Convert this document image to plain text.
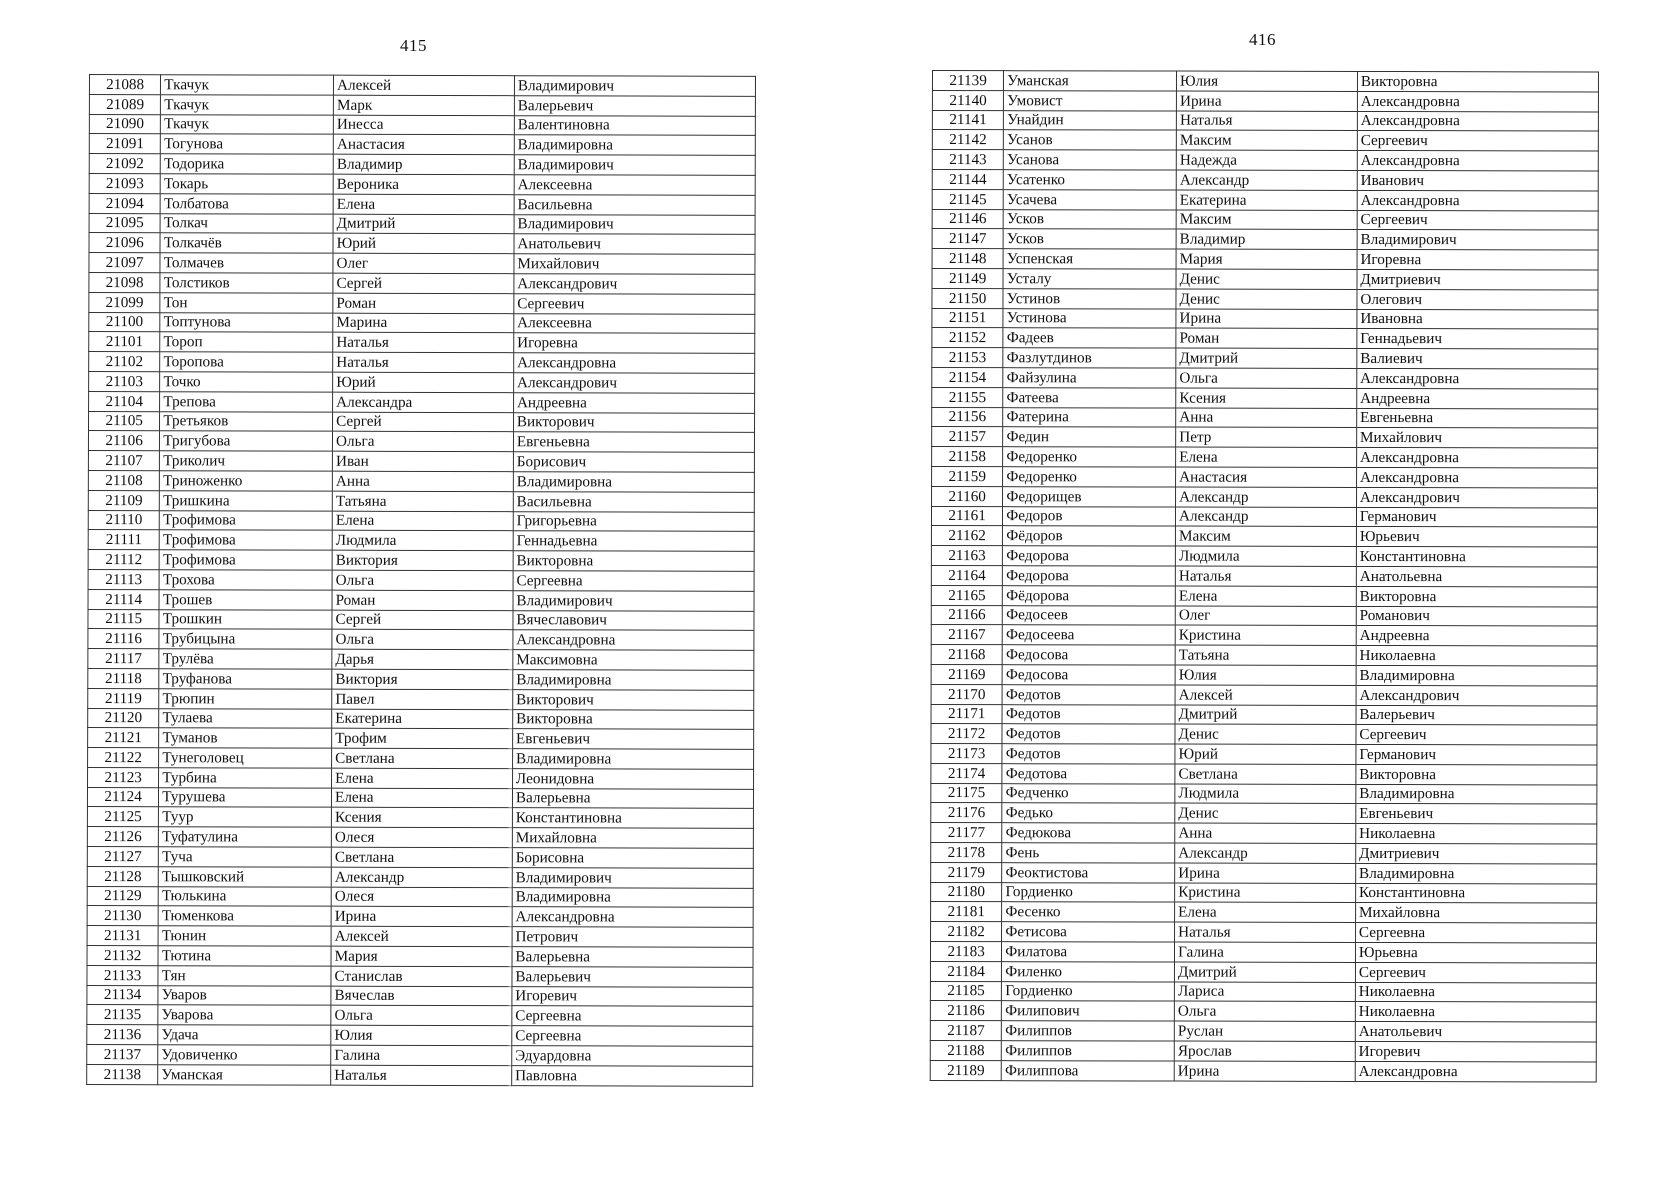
415
21088	Ткачук	Алексей	Владимирович
21089	Ткачук	Марк	Валерьевич
21090	Ткачук	Инесса	Валентиновна
21091	Тогунова	Анастасия	Владимировна
21092	Тодорика	Владимир	Владимирович
21093	Токарь	Вероника	Алексеевна
21094	Толбатова	Елена	Васильевна
21095	Толкач	Дмитрий	Владимирович
21096	Толкачёв	Юрий	Анатольевич
21097	Толмачев	Олег	Михайлович
21098	Толстиков	Сергей	Александрович
21099	Тон	Роман	Сергеевич
21100	Топтунова	Марина	Алексеевна
21101	Тороп	Наталья	Игоревна
21102	Торопова	Наталья	Александровна
21103	Точко	Юрий	Александрович
21104	Трепова	Александра	Андреевна
21105	Третьяков	Сергей	Викторович
21106	Тригубова	Ольга	Евгеньевна
21107	Триколич	Иван	Борисович
21108	Триноженко	Анна	Владимировна
21109	Тришкина	Татьяна	Васильевна
21110	Трофимова	Елена	Григорьевна
21111	Трофимова	Людмила	Геннадьевна
21112	Трофимова	Виктория	Викторовна
21113	Трохова	Ольга	Сергеевна
21114	Трошев	Роман	Владимирович
21115	Трошкин	Сергей	Вячеславович
21116	Трубицына	Ольга	Александровна
21117	Трулёва	Дарья	Максимовна
21118	Труфанова	Виктория	Владимировна
21119	Трюпин	Павел	Викторович
21120	Тулаева	Екатерина	Викторовна
21121	Туманов	Трофим	Евгеньевич
21122	Тунеголовец	Светлана	Владимировна
21123	Турбина	Елена	Леонидовна
21124	Турушева	Елена	Валерьевна
21125	Туур	Ксения	Константиновна
21126	Туфатулина	Олеся	Михайловна
21127	Туча	Светлана	Борисовна
21128	Тышковский	Александр	Владимирович
21129	Тюлькина	Олеся	Владимировна
21130	Тюменкова	Ирина	Александровна
21131	Тюнин	Алексей	Петрович
21132	Тютина	Мария	Валерьевна
21133	Тян	Станислав	Валерьевич
21134	Уваров	Вячеслав	Игоревич
21135	Уварова	Ольга	Сергеевна
21136	Удача	Юлия	Сергеевна
21137	Удовиченко	Галина	Эдуардовна
21138	Уманская	Наталья	Павловна
416
21139	Уманская	Юлия	Викторовна
21140	Умовист	Ирина	Александровна
21141	Унайдин	Наталья	Александровна
21142	Усанов	Максим	Сергеевич
21143	Усанова	Надежда	Александровна
21144	Усатенко	Александр	Иванович
21145	Усачева	Екатерина	Александровна
21146	Усков	Максим	Сергеевич
21147	Усков	Владимир	Владимирович
21148	Успенская	Мария	Игоревна
21149	Усталу	Денис	Дмитриевич
21150	Устинов	Денис	Олегович
21151	Устинова	Ирина	Ивановна
21152	Фадеев	Роман	Геннадьевич
21153	Фазлутдинов	Дмитрий	Валиевич
21154	Файзулина	Ольга	Александровна
21155	Фатеева	Ксения	Андреевна
21156	Фатерина	Анна	Евгеньевна
21157	Федин	Петр	Михайлович
21158	Федоренко	Елена	Александровна
21159	Федоренко	Анастасия	Александровна
21160	Федорищев	Александр	Александрович
21161	Федоров	Александр	Германович
21162	Фёдоров	Максим	Юрьевич
21163	Федорова	Людмила	Константиновна
21164	Федорова	Наталья	Анатольевна
21165	Фёдорова	Елена	Викторовна
21166	Федосеев	Олег	Романович
21167	Федосеева	Кристина	Андреевна
21168	Федосова	Татьяна	Николаевна
21169	Федосова	Юлия	Владимировна
21170	Федотов	Алексей	Александрович
21171	Федотов	Дмитрий	Валерьевич
21172	Федотов	Денис	Сергеевич
21173	Федотов	Юрий	Германович
21174	Федотова	Светлана	Викторовна
21175	Федченко	Людмила	Владимировна
21176	Федько	Денис	Евгеньевич
21177	Федюкова	Анна	Николаевна
21178	Фень	Александр	Дмитриевич
21179	Феоктистова	Ирина	Владимировна
21180	Гордиенко	Кристина	Константиновна
21181	Фесенко	Елена	Михайловна
21182	Фетисова	Наталья	Сергеевна
21183	Филатова	Галина	Юрьевна
21184	Филенко	Дмитрий	Сергеевич
21185	Гордиенко	Лариса	Николаевна
21186	Филипович	Ольга	Николаевна
21187	Филиппов	Руслан	Анатольевич
21188	Филиппов	Ярослав	Игоревич
21189	Филиппова	Ирина	Александровна
